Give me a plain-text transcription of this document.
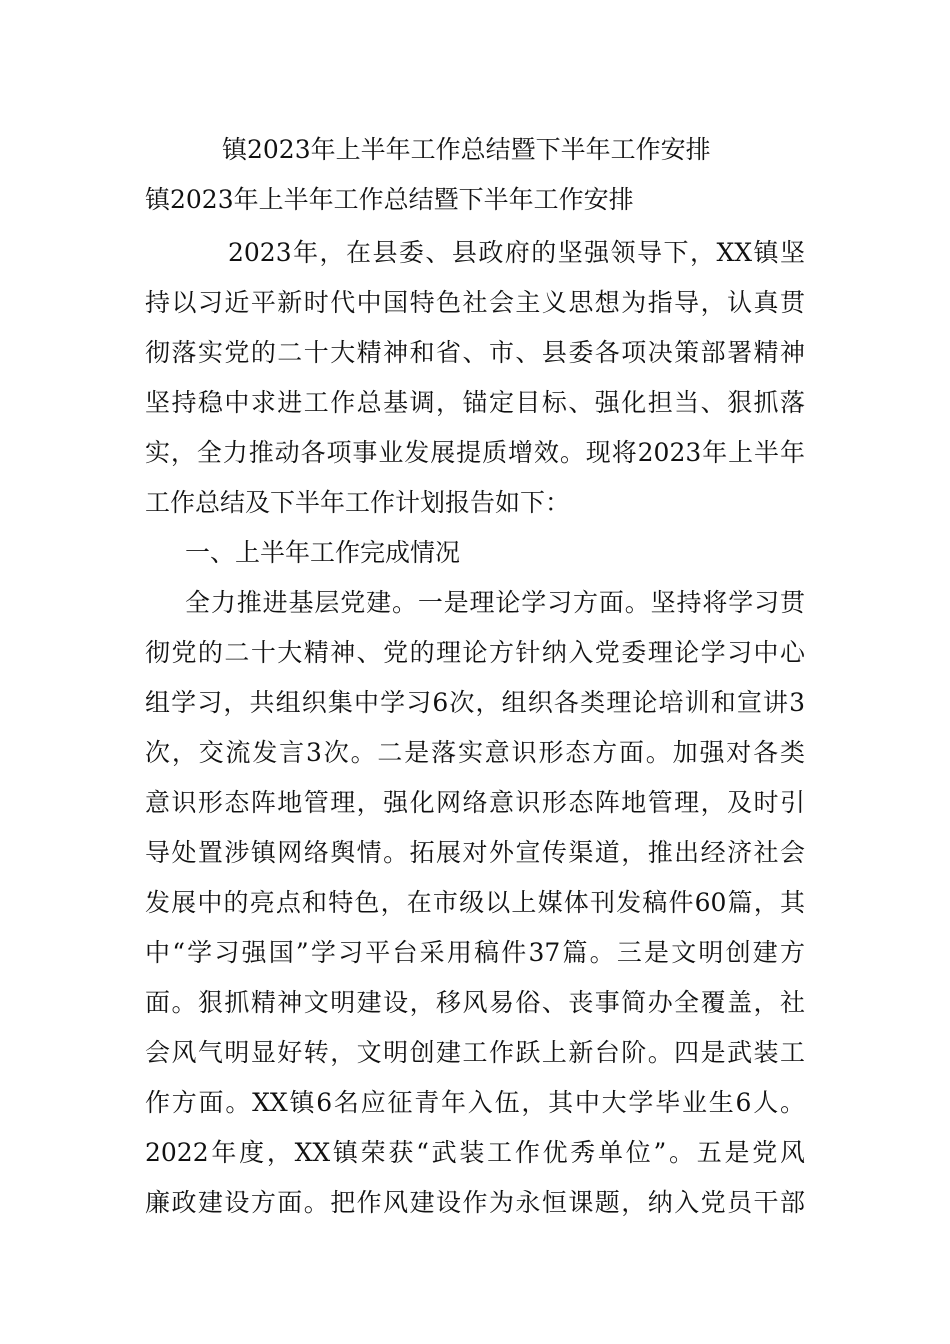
镇2023年上半年工作总结暨下半年工作安排
镇2023年上半年工作总结暨下半年工作安排
2023年，在县委、县政府的坚强领导下，XX镇坚
持以习近平新时代中国特色社会主义思想为指导，认真贯
彻落实党的二十大精神和省、市、县委各项决策部署精神
坚持稳中求进工作总基调，锚定目标、强化担当、狠抓落
实，全力推动各项事业发展提质增效。现将2023年上半年
工作总结及下半年工作计划报告如下：
一、上半年工作完成情况
全力推进基层党建。一是理论学习方面。坚持将学习贯
彻党的二十大精神、党的理论方针纳入党委理论学习中心
组学习，共组织集中学习6次，组织各类理论培训和宣讲3
次，交流发言3次。二是落实意识形态方面。加强对各类
意识形态阵地管理，强化网络意识形态阵地管理，及时引
导处置涉镇网络舆情。拓展对外宣传渠道，推出经济社会
发展中的亮点和特色，在市级以上媒体刊发稿件60篇，其
中“学习强国”学习平台采用稿件37篇。三是文明创建方
面。狠抓精神文明建设，移风易俗、丧事简办全覆盖，社
会风气明显好转，文明创建工作跃上新台阶。四是武装工
作方面。XX镇6名应征青年入伍，其中大学毕业生6人。
2022年度，XX镇荣获“武装工作优秀单位”。五是党风
廉政建设方面。把作风建设作为永恒课题，纳入党员干部
